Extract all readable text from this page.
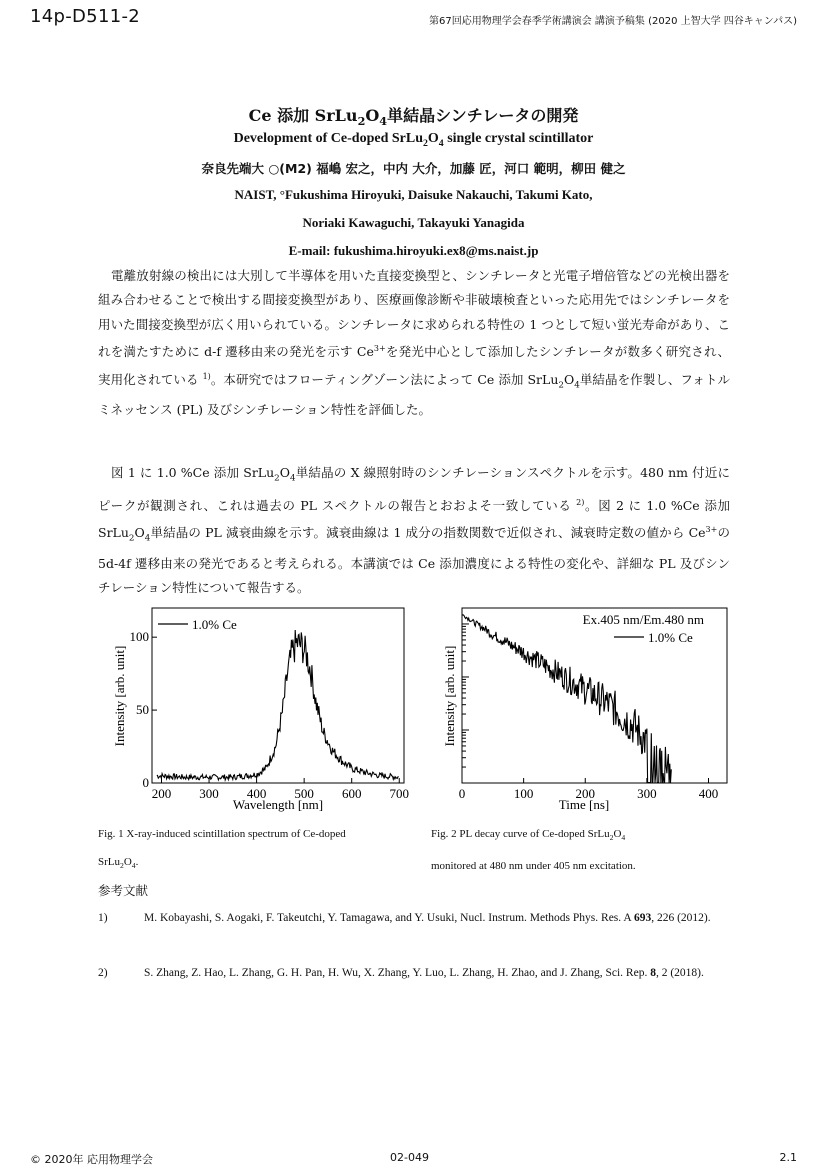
14p-D511-2	第67回応用物理学会春季学術講演会 講演予稿集 (2020 上智大学 四谷キャンパス)
Ce 添加 $SrLu_2O_4$単結晶シンチレータの開発
Development of Ce-doped $SrLu_2O_4$ single crystal scintillator
奈良先端大 ○(M2) 福嶋 宏之，中内 大介，加藤 匠，河口 範明，柳田 健之
NAIST, °Fukushima Hiroyuki, Daisuke Nakauchi, Takumi Kato,
Noriaki Kawaguchi, Takayuki Yanagida
E-mail: fukushima.hiroyuki.ex8@ms.naist.jp
電離放射線の検出には大別して半導体を用いた直接変換型と、シンチレータと光電子増倍管などの光検出器を組み合わせることで検出する間接変換型があり、医療画像診断や非破壊検査といった応用先ではシンチレータを用いた間接変換型が広く用いられている。シンチレータに求められる特性の 1 つとして短い蛍光寿命があり、これを満たすために d-f 遷移由来の発光を示す $Ce^{3+}$を発光中心として添加したシンチレータが数多く研究され、実用化されている $^{1)}$。本研究ではフローティングゾーン法によって Ce 添加 $SrLu_2O_4$単結晶を作製し、フォトルミネッセンス (PL) 及びシンチレーション特性を評価した。
図 1 に 1.0 %Ce 添加 $SrLu_2O_4$単結晶の X 線照射時のシンチレーションスペクトルを示す。480 nm 付近にピークが観測され、これは過去の PL スペクトルの報告とおおよそ一致している $^{2)}$。図 2 に 1.0 %Ce 添加 $SrLu_2O_4$単結晶の PL 減衰曲線を示す。減衰曲線は 1 成分の指数関数で近似され、減衰時定数の値から $Ce^{3+}$の 5d-4f 遷移由来の発光であると考えられる。本講演では Ce 添加濃度による特性の変化や、詳細な PL 及びシンチレーション特性について報告する。
200 300 400 500 600 700
0
50
100
1.0% Ce
Wavelength [nm]
Intensity [arb. unit]
0	100	200	300	400
Ex.405 nm/Em.480 nm
1.0% Ce
Time [ns]
Intensity [arb. unit]
Fig. 1 X-ray-induced scintillation spectrum of Ce-doped
$SrLu_2O_4$.
Fig. 2 PL decay curve of Ce-doped $SrLu_2O_4$
monitored at 480 nm under 405 nm excitation.
参考文献
1)	M. Kobayashi, S. Aogaki, F. Takeutchi, Y. Tamagawa, and Y. Usuki, Nucl. Instrum. Methods Phys. Res. A 693, 226 (2012).
2)	S. Zhang, Z. Hao, L. Zhang, G. H. Pan, H. Wu, X. Zhang, Y. Luo, L. Zhang, H. Zhao, and J. Zhang, Sci. Rep. 8, 2 (2018).
© 2020年 応用物理学会	02-049	2.1
